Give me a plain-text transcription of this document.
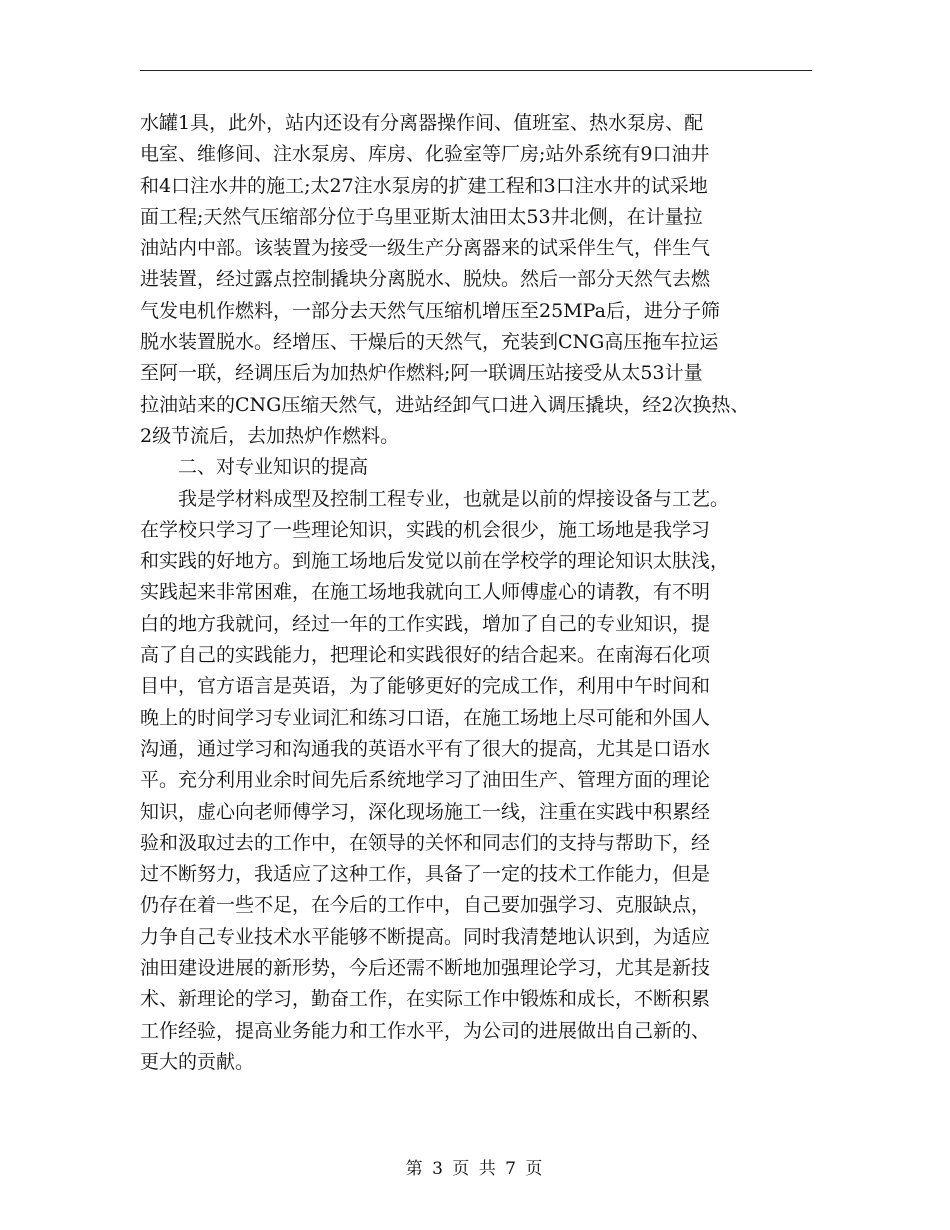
水罐1具，此外，站内还设有分离器操作间、值班室、热水泵房、配
电室、维修间、注水泵房、库房、化验室等厂房;站外系统有9口油井
和4口注水井的施工;太27注水泵房的扩建工程和3口注水井的试采地
面工程;天然气压缩部分位于乌里亚斯太油田太53井北侧，在计量拉
油站内中部。该装置为接受一级生产分离器来的试采伴生气，伴生气
进装置，经过露点控制撬块分离脱水、脱炔。然后一部分天然气去燃
气发电机作燃料，一部分去天然气压缩机增压至25MPa后，进分子筛
脱水装置脱水。经增压、干燥后的天然气，充装到CNG高压拖车拉运
至阿一联，经调压后为加热炉作燃料;阿一联调压站接受从太53计量
拉油站来的CNG压缩天然气，进站经卸气口进入调压撬块，经2次换热、
2级节流后，去加热炉作燃料。
二、对专业知识的提高
我是学材料成型及控制工程专业，也就是以前的焊接设备与工艺。
在学校只学习了一些理论知识，实践的机会很少，施工场地是我学习
和实践的好地方。到施工场地后发觉以前在学校学的理论知识太肤浅，
实践起来非常困难，在施工场地我就向工人师傅虚心的请教，有不明
白的地方我就问，经过一年的工作实践，增加了自己的专业知识，提
高了自己的实践能力，把理论和实践很好的结合起来。在南海石化项
目中，官方语言是英语，为了能够更好的完成工作，利用中午时间和
晚上的时间学习专业词汇和练习口语，在施工场地上尽可能和外国人
沟通，通过学习和沟通我的英语水平有了很大的提高，尤其是口语水
平。充分利用业余时间先后系统地学习了油田生产、管理方面的理论
知识，虚心向老师傅学习，深化现场施工一线，注重在实践中积累经
验和汲取过去的工作中，在领导的关怀和同志们的支持与帮助下，经
过不断努力，我适应了这种工作，具备了一定的技术工作能力，但是
仍存在着一些不足，在今后的工作中，自己要加强学习、克服缺点，
力争自己专业技术水平能够不断提高。同时我清楚地认识到，为适应
油田建设进展的新形势，今后还需不断地加强理论学习，尤其是新技
术、新理论的学习，勤奋工作，在实际工作中锻炼和成长，不断积累
工作经验，提高业务能力和工作水平，为公司的进展做出自己新的、
更大的贡献。
第 3 页 共 7 页
